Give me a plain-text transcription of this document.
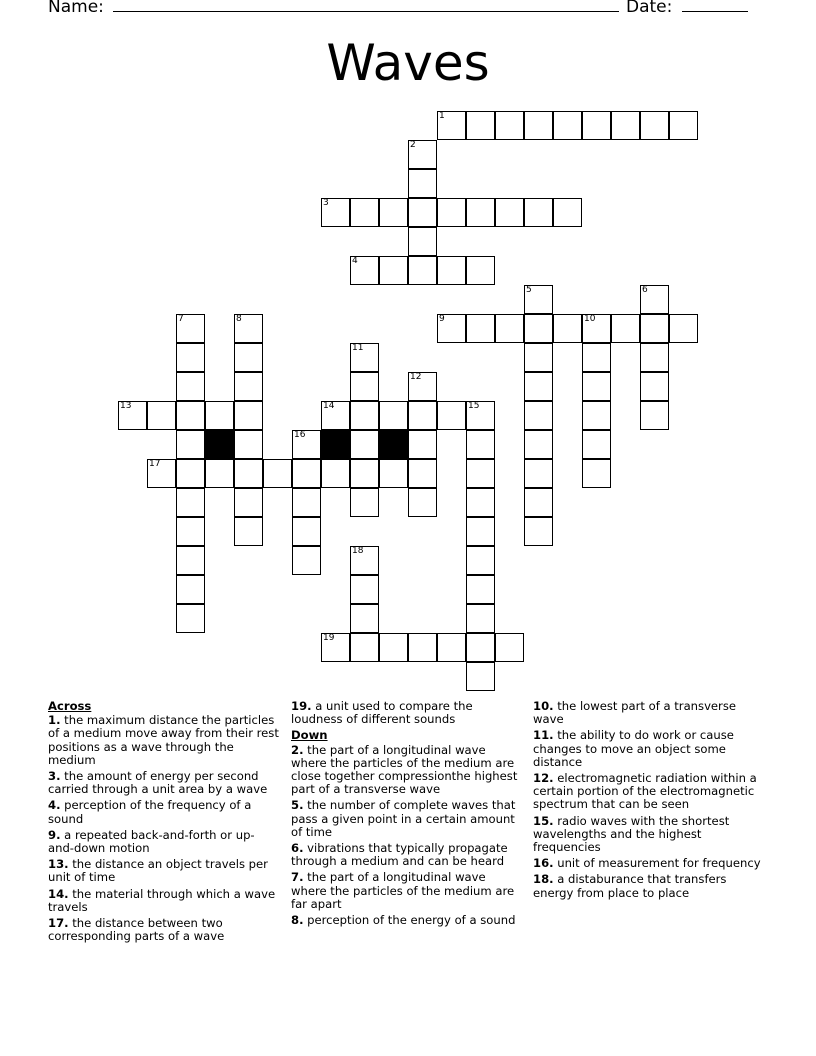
Name:	Date:
Waves
1
2
3
4
5	6
7	8	9	10
11
12
13	14	15
16
17
18
19
Across
1. the maximum distance the particles of a medium move away from their rest positions as a wave through the medium
3. the amount of energy per second carried through a unit area by a wave
4. perception of the frequency of a sound
9. a repeated back-and-forth or up-and-down motion
13. the distance an object travels per unit of time
14. the material through which a wave travels
17. the distance between two corresponding parts of a wave
19. a unit used to compare the loudness of different sounds
Down
2. the part of a longitudinal wave where the particles of the medium are close together compressionthe highest part of a transverse wave
5. the number of complete waves that pass a given point in a certain amount of time
6. vibrations that typically propagate through a medium and can be heard
7. the part of a longitudinal wave where the particles of the medium are far apart
8. perception of the energy of a sound
10. the lowest part of a transverse wave
11. the ability to do work or cause changes to move an object some distance
12. electromagnetic radiation within a certain portion of the electromagnetic spectrum that can be seen
15. radio waves with the shortest wavelengths and the highest frequencies
16. unit of measurement for frequency
18. a distaburance that transfers energy from place to place
